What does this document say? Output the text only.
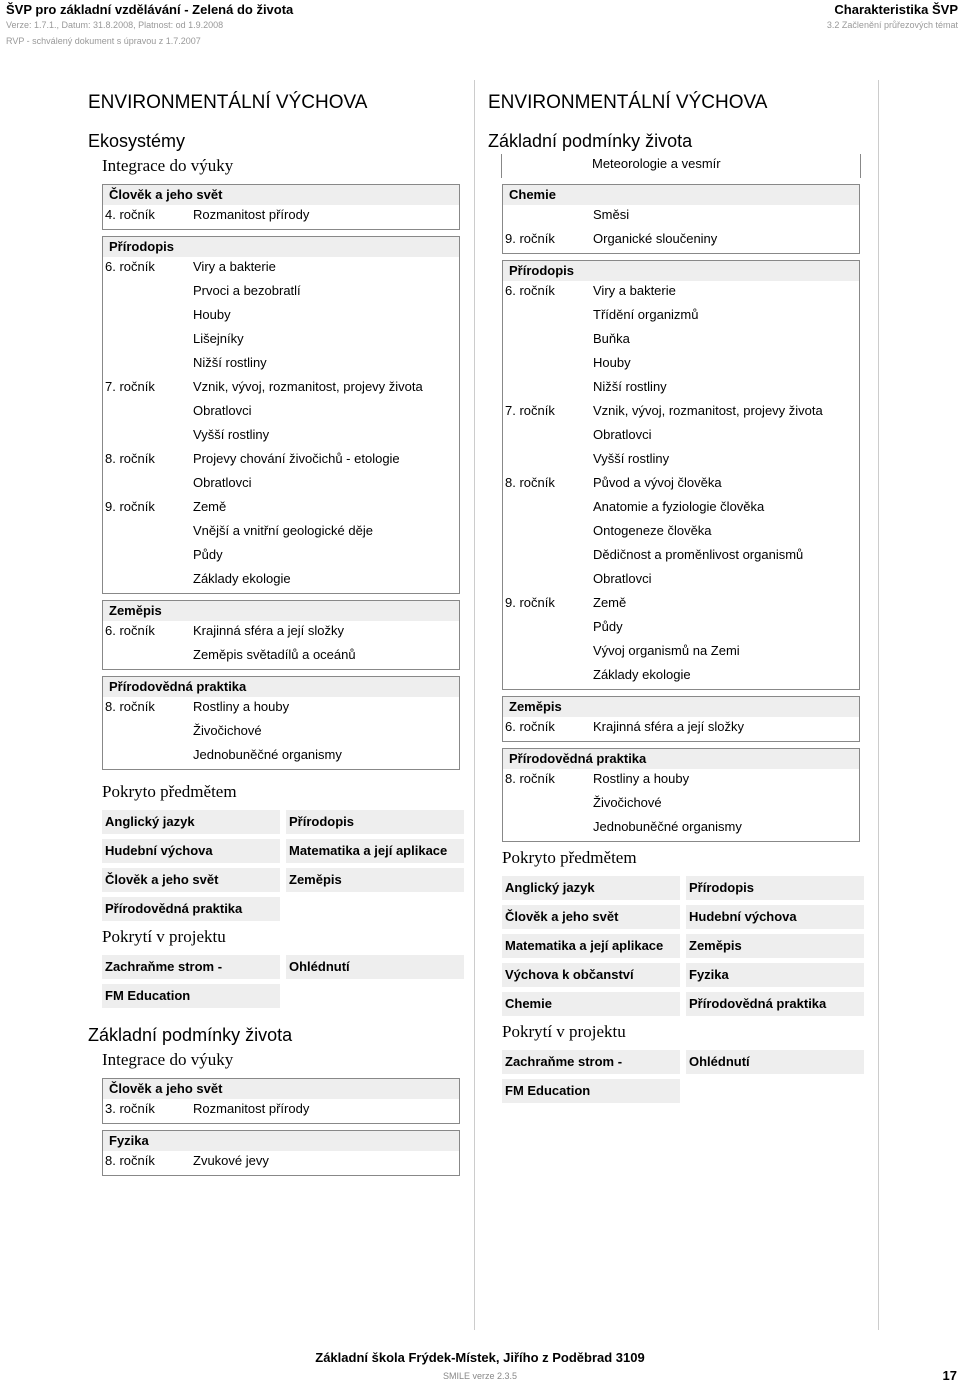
ŠVP pro základní vzdělávání - Zelená do života
Verze: 1.7.1., Datum: 31.8.2008, Platnost: od 1.9.2008
RVP - schválený dokument s úpravou z 1.7.2007
Charakteristika ŠVP
3.2 Začlenění průřezových témat
ENVIRONMENTÁLNÍ VÝCHOVA
Ekosystémy
Integrace do výuky
Člověk a jeho svět
4. ročník	Rozmanitost přírody
Přírodopis
6. ročník	Viry a bakterie
Prvoci a bezobratlí
Houby
Lišejníky
Nižší rostliny
7. ročník	Vznik, vývoj, rozmanitost, projevy života
Obratlovci
Vyšší rostliny
8. ročník	Projevy chování živočichů - etologie
Obratlovci
9. ročník	Země
Vnější a vnitřní geologické děje
Půdy
Základy ekologie
Zeměpis
6. ročník	Krajinná sféra a její složky
Zeměpis světadílů a oceánů
Přírodovědná praktika
8. ročník	Rostliny a houby
Živočichové
Jednobuněčné organismy
Pokryto předmětem
Anglický jazyk	Přírodopis
Hudební výchova	Matematika a její aplikace
Člověk a jeho svět	Zeměpis
Přírodovědná praktika
Pokrytí v projektu
Zachraňme strom -	Ohlédnutí
FM Education
Základní podmínky života
Integrace do výuky
Člověk a jeho svět
3. ročník	Rozmanitost přírody
Fyzika
8. ročník	Zvukové jevy
ENVIRONMENTÁLNÍ VÝCHOVA
Základní podmínky života
Meteorologie a vesmír
Chemie
Směsi
9. ročník	Organické sloučeniny
Přírodopis
6. ročník	Viry a bakterie
Třídění organizmů
Buňka
Houby
Nižší rostliny
7. ročník	Vznik, vývoj, rozmanitost, projevy života
Obratlovci
Vyšší rostliny
8. ročník	Původ a vývoj člověka
Anatomie a fyziologie člověka
Ontogeneze člověka
Dědičnost a proměnlivost organismů
Obratlovci
9. ročník	Země
Půdy
Vývoj organismů na Zemi
Základy ekologie
Zeměpis
6. ročník	Krajinná sféra a její složky
Přírodovědná praktika
8. ročník	Rostliny a houby
Živočichové
Jednobuněčné organismy
Pokryto předmětem
Anglický jazyk	Přírodopis
Člověk a jeho svět	Hudební výchova
Matematika a její aplikace	Zeměpis
Výchova k občanství	Fyzika
Chemie	Přírodovědná praktika
Pokrytí v projektu
Zachraňme strom -	Ohlédnutí
FM Education
Základní škola Frýdek-Místek, Jiřího z Poděbrad 3109
SMILE verze 2.3.5	17
